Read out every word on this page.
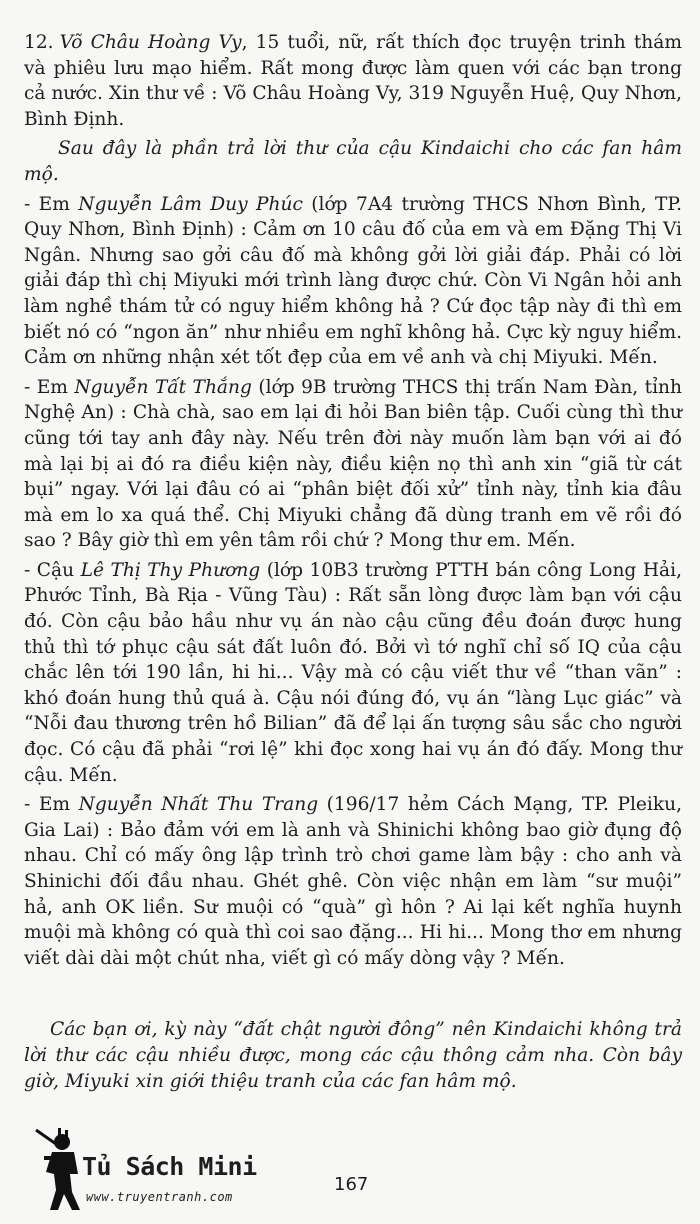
12. Võ Châu Hoàng Vy, 15 tuổi, nữ, rất thích đọc truyện trinh thám và phiêu lưu mạo hiểm. Rất mong được làm quen với các bạn trong cả nước. Xin thư về : Võ Châu Hoàng Vy, 319 Nguyễn Huệ, Quy Nhơn, Bình Định.

Sau đây là phần trả lời thư của cậu Kindaichi cho các fan hâm mộ.

- Em Nguyễn Lâm Duy Phúc (lớp 7A4 trường THCS Nhơn Bình, TP. Quy Nhơn, Bình Định) : Cảm ơn 10 câu đố của em và em Đặng Thị Vi Ngân. Nhưng sao gởi câu đố mà không gởi lời giải đáp. Phải có lời giải đáp thì chị Miyuki mới trình làng được chứ. Còn Vi Ngân hỏi anh làm nghề thám tử có nguy hiểm không hả ? Cứ đọc tập này đi thì em biết nó có “ngon ăn” như nhiều em nghĩ không hả. Cực kỳ nguy hiểm. Cảm ơn những nhận xét tốt đẹp của em về anh và chị Miyuki. Mến.

- Em Nguyễn Tất Thắng (lớp 9B trường THCS thị trấn Nam Đàn, tỉnh Nghệ An) : Chà chà, sao em lại đi hỏi Ban biên tập. Cuối cùng thì thư cũng tới tay anh đây này. Nếu trên đời này muốn làm bạn với ai đó mà lại bị ai đó ra điều kiện này, điều kiện nọ thì anh xin “giã từ cát bụi” ngay. Với lại đâu có ai “phân biệt đối xử” tỉnh này, tỉnh kia đâu mà em lo xa quá thể. Chị Miyuki chẳng đã dùng tranh em vẽ rồi đó sao ? Bây giờ thì em yên tâm rồi chứ ? Mong thư em. Mến.

- Cậu Lê Thị Thy Phương (lớp 10B3 trường PTTH bán công Long Hải, Phước Tỉnh, Bà Rịa - Vũng Tàu) : Rất sẵn lòng được làm bạn với cậu đó. Còn cậu bảo hầu như vụ án nào cậu cũng đều đoán được hung thủ thì tớ phục cậu sát đất luôn đó. Bởi vì tớ nghĩ chỉ số IQ của cậu chắc lên tới 190 lần, hi hi... Vậy mà có cậu viết thư về “than vãn” : khó đoán hung thủ quá à. Cậu nói đúng đó, vụ án “làng Lục giác” và “Nỗi đau thương trên hồ Bilian” đã để lại ấn tượng sâu sắc cho người đọc. Có cậu đã phải “rơi lệ” khi đọc xong hai vụ án đó đấy. Mong thư cậu. Mến.

- Em Nguyễn Nhất Thu Trang (196/17 hẻm Cách Mạng, TP. Pleiku, Gia Lai) : Bảo đảm với em là anh và Shinichi không bao giờ đụng độ nhau. Chỉ có mấy ông lập trình trò chơi game làm bậy : cho anh và Shinichi đối đầu nhau. Ghét ghê. Còn việc nhận em làm “sư muội” hả, anh OK liền. Sư muội có “quà” gì hôn ? Ai lại kết nghĩa huynh muội mà không có quà thì coi sao đặng... Hi hi... Mong thơ em nhưng viết dài dài một chút nha, viết gì có mấy dòng vậy ? Mến.

Các bạn ơi, kỳ này “đất chật người đông” nên Kindaichi không trả lời thư các cậu nhiều được, mong các cậu thông cảm nha. Còn bây giờ, Miyuki xin giới thiệu tranh của các fan hâm mộ.

Tủ Sách Mini
www.truyentranh.com
167
